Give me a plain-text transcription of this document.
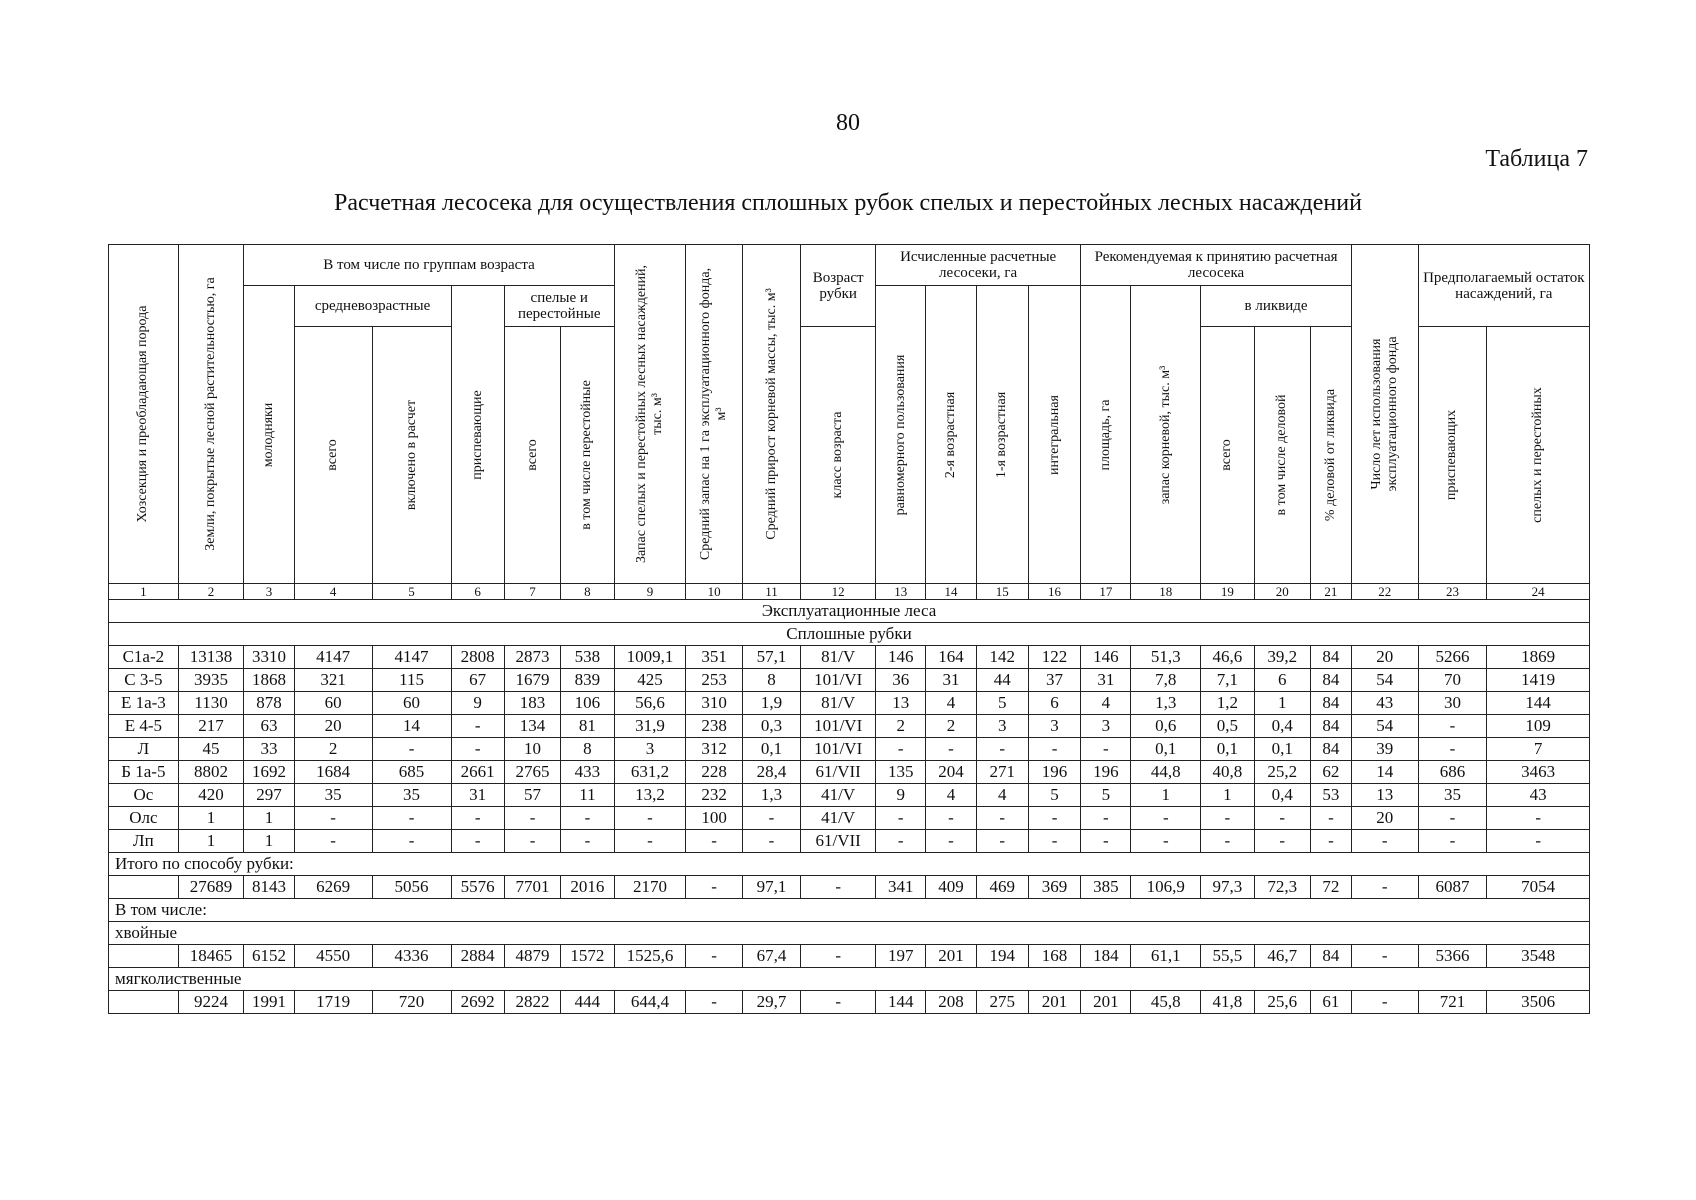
80
Таблица 7
Расчетная лесосека для осуществления сплошных рубок спелых и перестойных лесных насаждений
Хозсекция и преобладающая порода	Земли, покрытые лесной растительностью, га	В том числе по группам возраста						Запас спелых и перестойных лесных насаждений, тыс. м³	Средний запас на 1 га эксплуатационного фонда, м³	Средний прирост корневой массы, тыс. м³	Возраст рубки	Исчисленные расчетные лесосеки, га				Рекомендуемая к принятию расчетная лесосека					Число лет использования эксплуатационного фонда	Предполагаемый остаток насаждений, га	

		молодняки	средневозрастные		приспевающие	спелые и перестойные						равномерного пользования	2-я возрастная	1-я возрастная	интегральная	площадь, га	запас корневой, тыс. м³	в ликвиде					

			всего	включено в расчет		всего	в том числе перестойные				класс возраста							всего	в том числе деловой	% деловой от ликвида		приспевающих	спелых и перестойных

1	2	3	4	5	6	7	8	9	10	11	12	13	14	15	16	17	18	19	20	21	22	23	24
Эксплуатационные леса																							
Сплошные рубки																							
С1а-2	13138	3310	4147	4147	2808	2873	538	1009,1	351	57,1	81/V	146	164	142	122	146	51,3	46,6	39,2	84	20	5266	1869
С 3-5	3935	1868	321	115	67	1679	839	425	253	8	101/VI	36	31	44	37	31	7,8	7,1	6	84	54	70	1419
Е 1а-3	1130	878	60	60	9	183	106	56,6	310	1,9	81/V	13	4	5	6	4	1,3	1,2	1	84	43	30	144
Е 4-5	217	63	20	14	-	134	81	31,9	238	0,3	101/VI	2	2	3	3	3	0,6	0,5	0,4	84	54	-	109
Л	45	33	2	-	-	10	8	3	312	0,1	101/VI	-	-	-	-	-	0,1	0,1	0,1	84	39	-	7
Б 1а-5	8802	1692	1684	685	2661	2765	433	631,2	228	28,4	61/VII	135	204	271	196	196	44,8	40,8	25,2	62	14	686	3463
Ос	420	297	35	35	31	57	11	13,2	232	1,3	41/V	9	4	4	5	5	1	1	0,4	53	13	35	43
Олс	1	1	-	-	-	-	-	-	100	-	41/V	-	-	-	-	-	-	-	-	-	20	-	-
Лп	1	1	-	-	-	-	-	-	-	-	61/VII	-	-	-	-	-	-	-	-	-	-	-	-
Итого по способу рубки:																							
	27689	8143	6269	5056	5576	7701	2016	2170	-	97,1	-	341	409	469	369	385	106,9	97,3	72,3	72	-	6087	7054
В том числе:																							
хвойные																							
	18465	6152	4550	4336	2884	4879	1572	1525,6	-	67,4	-	197	201	194	168	184	61,1	55,5	46,7	84	-	5366	3548
мягколиственные																							
	9224	1991	1719	720	2692	2822	444	644,4	-	29,7	-	144	208	275	201	201	45,8	41,8	25,6	61	-	721	3506
